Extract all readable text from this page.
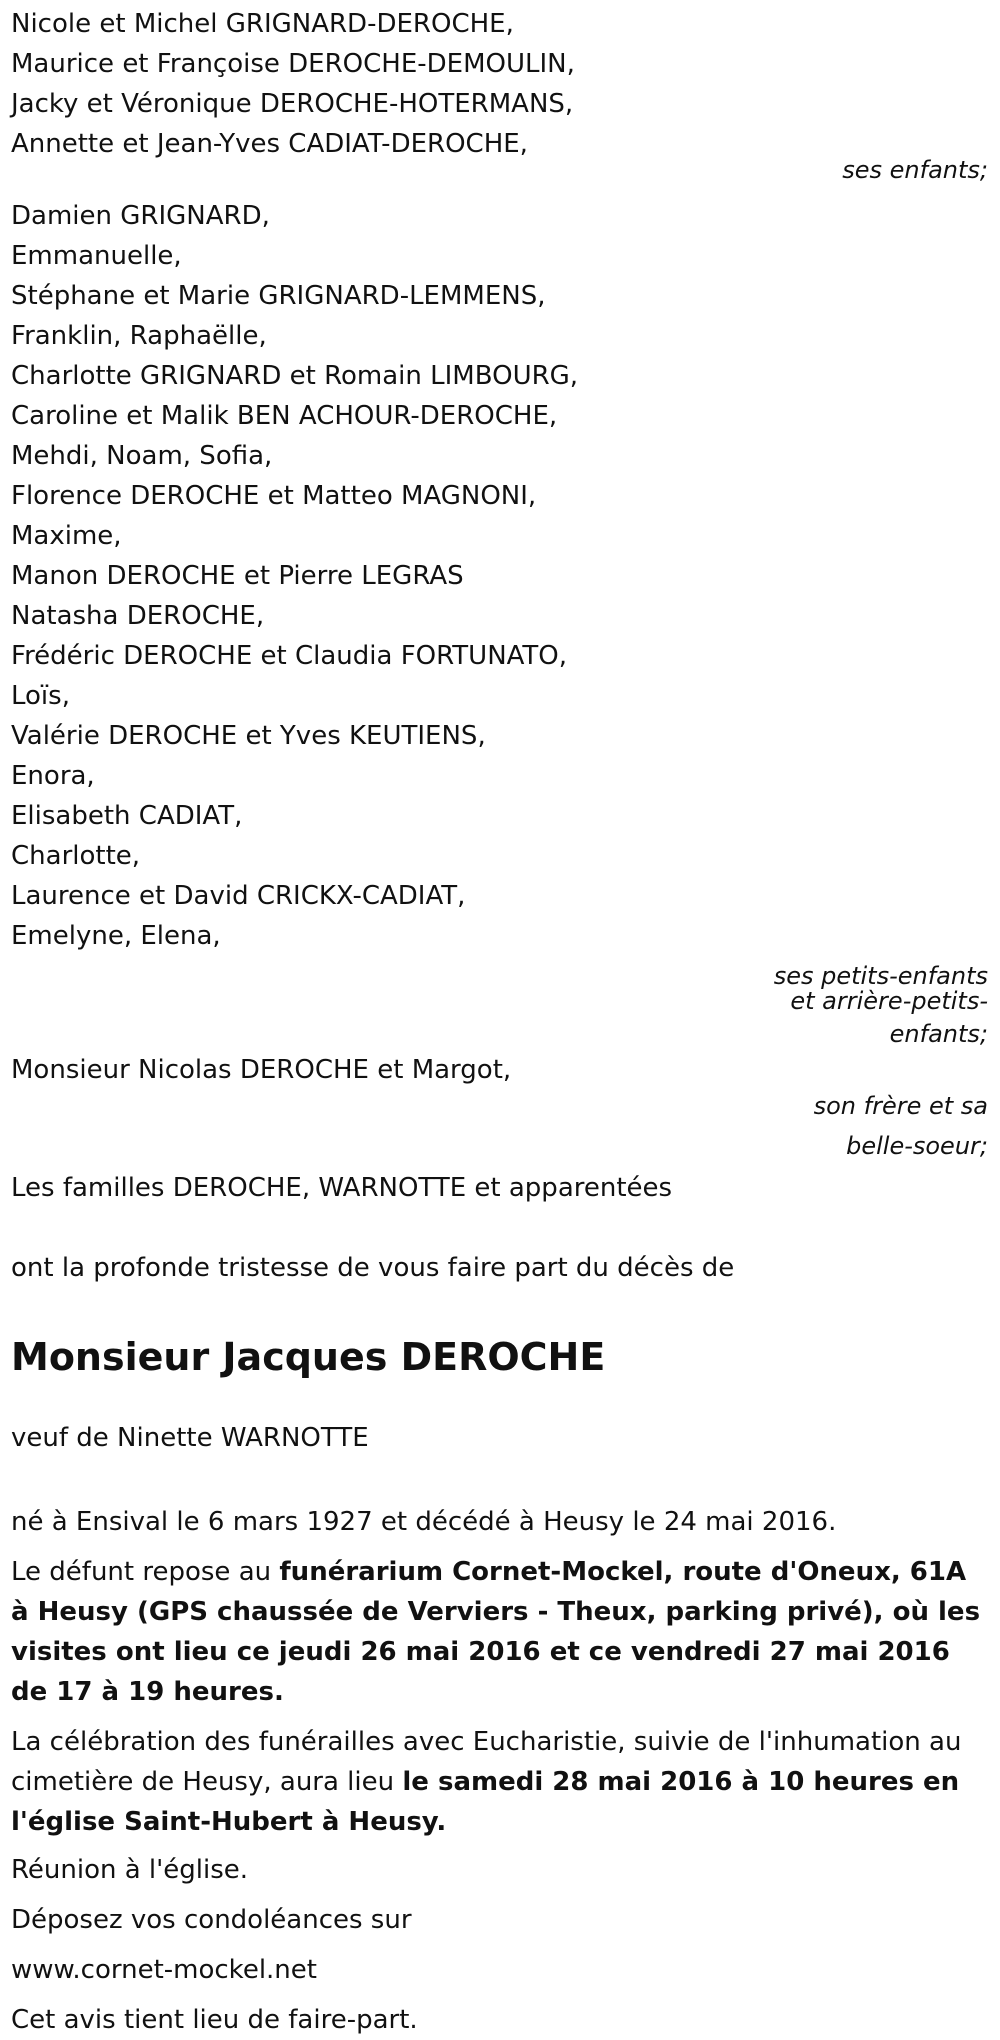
Nicole et Michel GRIGNARD-DEROCHE,
Maurice et Françoise DEROCHE-DEMOULIN,
Jacky et Véronique DEROCHE-HOTERMANS,
Annette et Jean-Yves CADIAT-DEROCHE,
ses enfants;
Damien GRIGNARD,
Emmanuelle,
Stéphane et Marie GRIGNARD-LEMMENS,
Franklin, Raphaëlle,
Charlotte GRIGNARD et Romain LIMBOURG,
Caroline et Malik BEN ACHOUR-DEROCHE,
Mehdi, Noam, Sofia,
Florence DEROCHE et Matteo MAGNONI,
Maxime,
Manon DEROCHE et Pierre LEGRAS
Natasha DEROCHE,
Frédéric DEROCHE et Claudia FORTUNATO,
Loïs,
Valérie DEROCHE et Yves KEUTIENS,
Enora,
Elisabeth CADIAT,
Charlotte,
Laurence et David CRICKX-CADIAT,
Emelyne, Elena,
ses petits-enfants
et arrière-petits-
enfants;
Monsieur Nicolas DEROCHE et Margot,
son frère et sa
belle-soeur;
Les familles DEROCHE, WARNOTTE et apparentées
ont la profonde tristesse de vous faire part du décès de
Monsieur Jacques DEROCHE
veuf de Ninette WARNOTTE
né à Ensival le 6 mars 1927 et décédé à Heusy le 24 mai 2016.
Le défunt repose au funérarium Cornet-Mockel, route d'Oneux, 61A à Heusy (GPS chaussée de Verviers - Theux, parking privé), où les visites ont lieu ce jeudi 26 mai 2016 et ce vendredi 27 mai 2016 de 17 à 19 heures.
La célébration des funérailles avec Eucharistie, suivie de l'inhumation au cimetière de Heusy, aura lieu le samedi 28 mai 2016 à 10 heures en l'église Saint-Hubert à Heusy.
Réunion à l'église.
Déposez vos condoléances sur
www.cornet-mockel.net
Cet avis tient lieu de faire-part.
